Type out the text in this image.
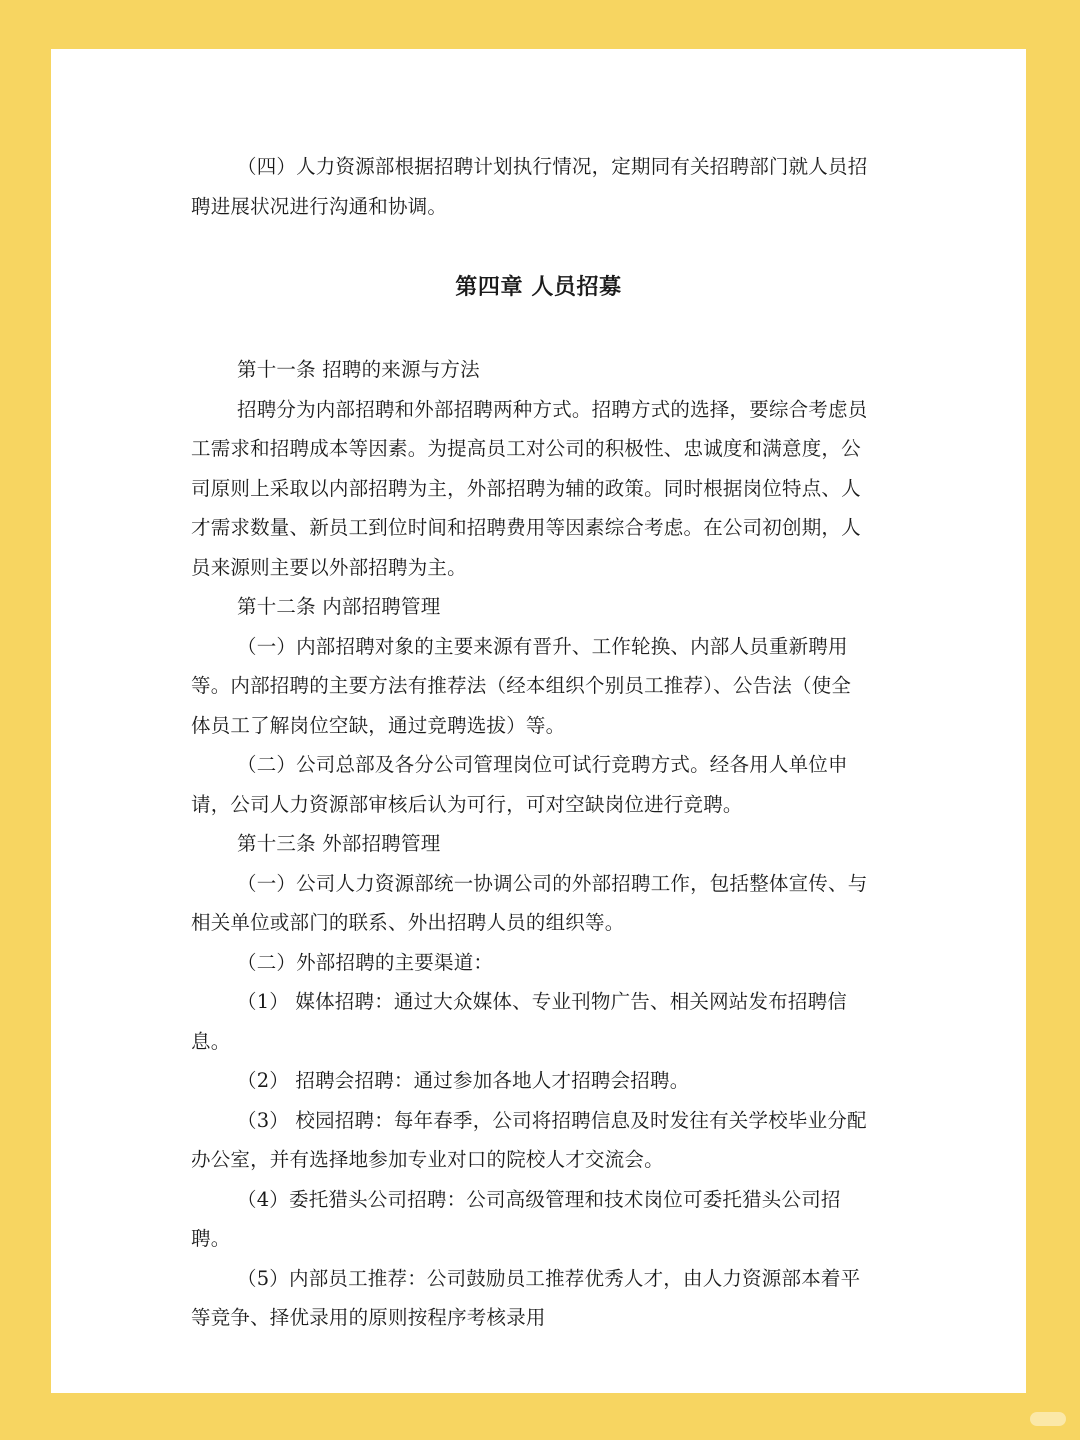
（四）人力资源部根据招聘计划执行情况，定期同有关招聘部门就人员招
聘进展状况进行沟通和协调。
第四章 人员招募
第十一条 招聘的来源与方法
招聘分为内部招聘和外部招聘两种方式。招聘方式的选择，要综合考虑员
工需求和招聘成本等因素。为提高员工对公司的积极性、忠诚度和满意度，公
司原则上采取以内部招聘为主，外部招聘为辅的政策。同时根据岗位特点、人
才需求数量、新员工到位时间和招聘费用等因素综合考虑。在公司初创期，人
员来源则主要以外部招聘为主。
第十二条 内部招聘管理
（一）内部招聘对象的主要来源有晋升、工作轮换、内部人员重新聘用
等。内部招聘的主要方法有推荐法（经本组织个别员工推荐）、公告法（使全
体员工了解岗位空缺，通过竞聘选拔）等。
（二）公司总部及各分公司管理岗位可试行竞聘方式。经各用人单位申
请，公司人力资源部审核后认为可行，可对空缺岗位进行竞聘。
第十三条 外部招聘管理
（一）公司人力资源部统一协调公司的外部招聘工作，包括整体宣传、与
相关单位或部门的联系、外出招聘人员的组织等。
（二）外部招聘的主要渠道：
（1） 媒体招聘：通过大众媒体、专业刊物广告、相关网站发布招聘信
息。
（2） 招聘会招聘：通过参加各地人才招聘会招聘。
（3） 校园招聘：每年春季，公司将招聘信息及时发往有关学校毕业分配
办公室，并有选择地参加专业对口的院校人才交流会。
（4）委托猎头公司招聘：公司高级管理和技术岗位可委托猎头公司招
聘。
（5）内部员工推荐：公司鼓励员工推荐优秀人才，由人力资源部本着平
等竞争、择优录用的原则按程序考核录用
